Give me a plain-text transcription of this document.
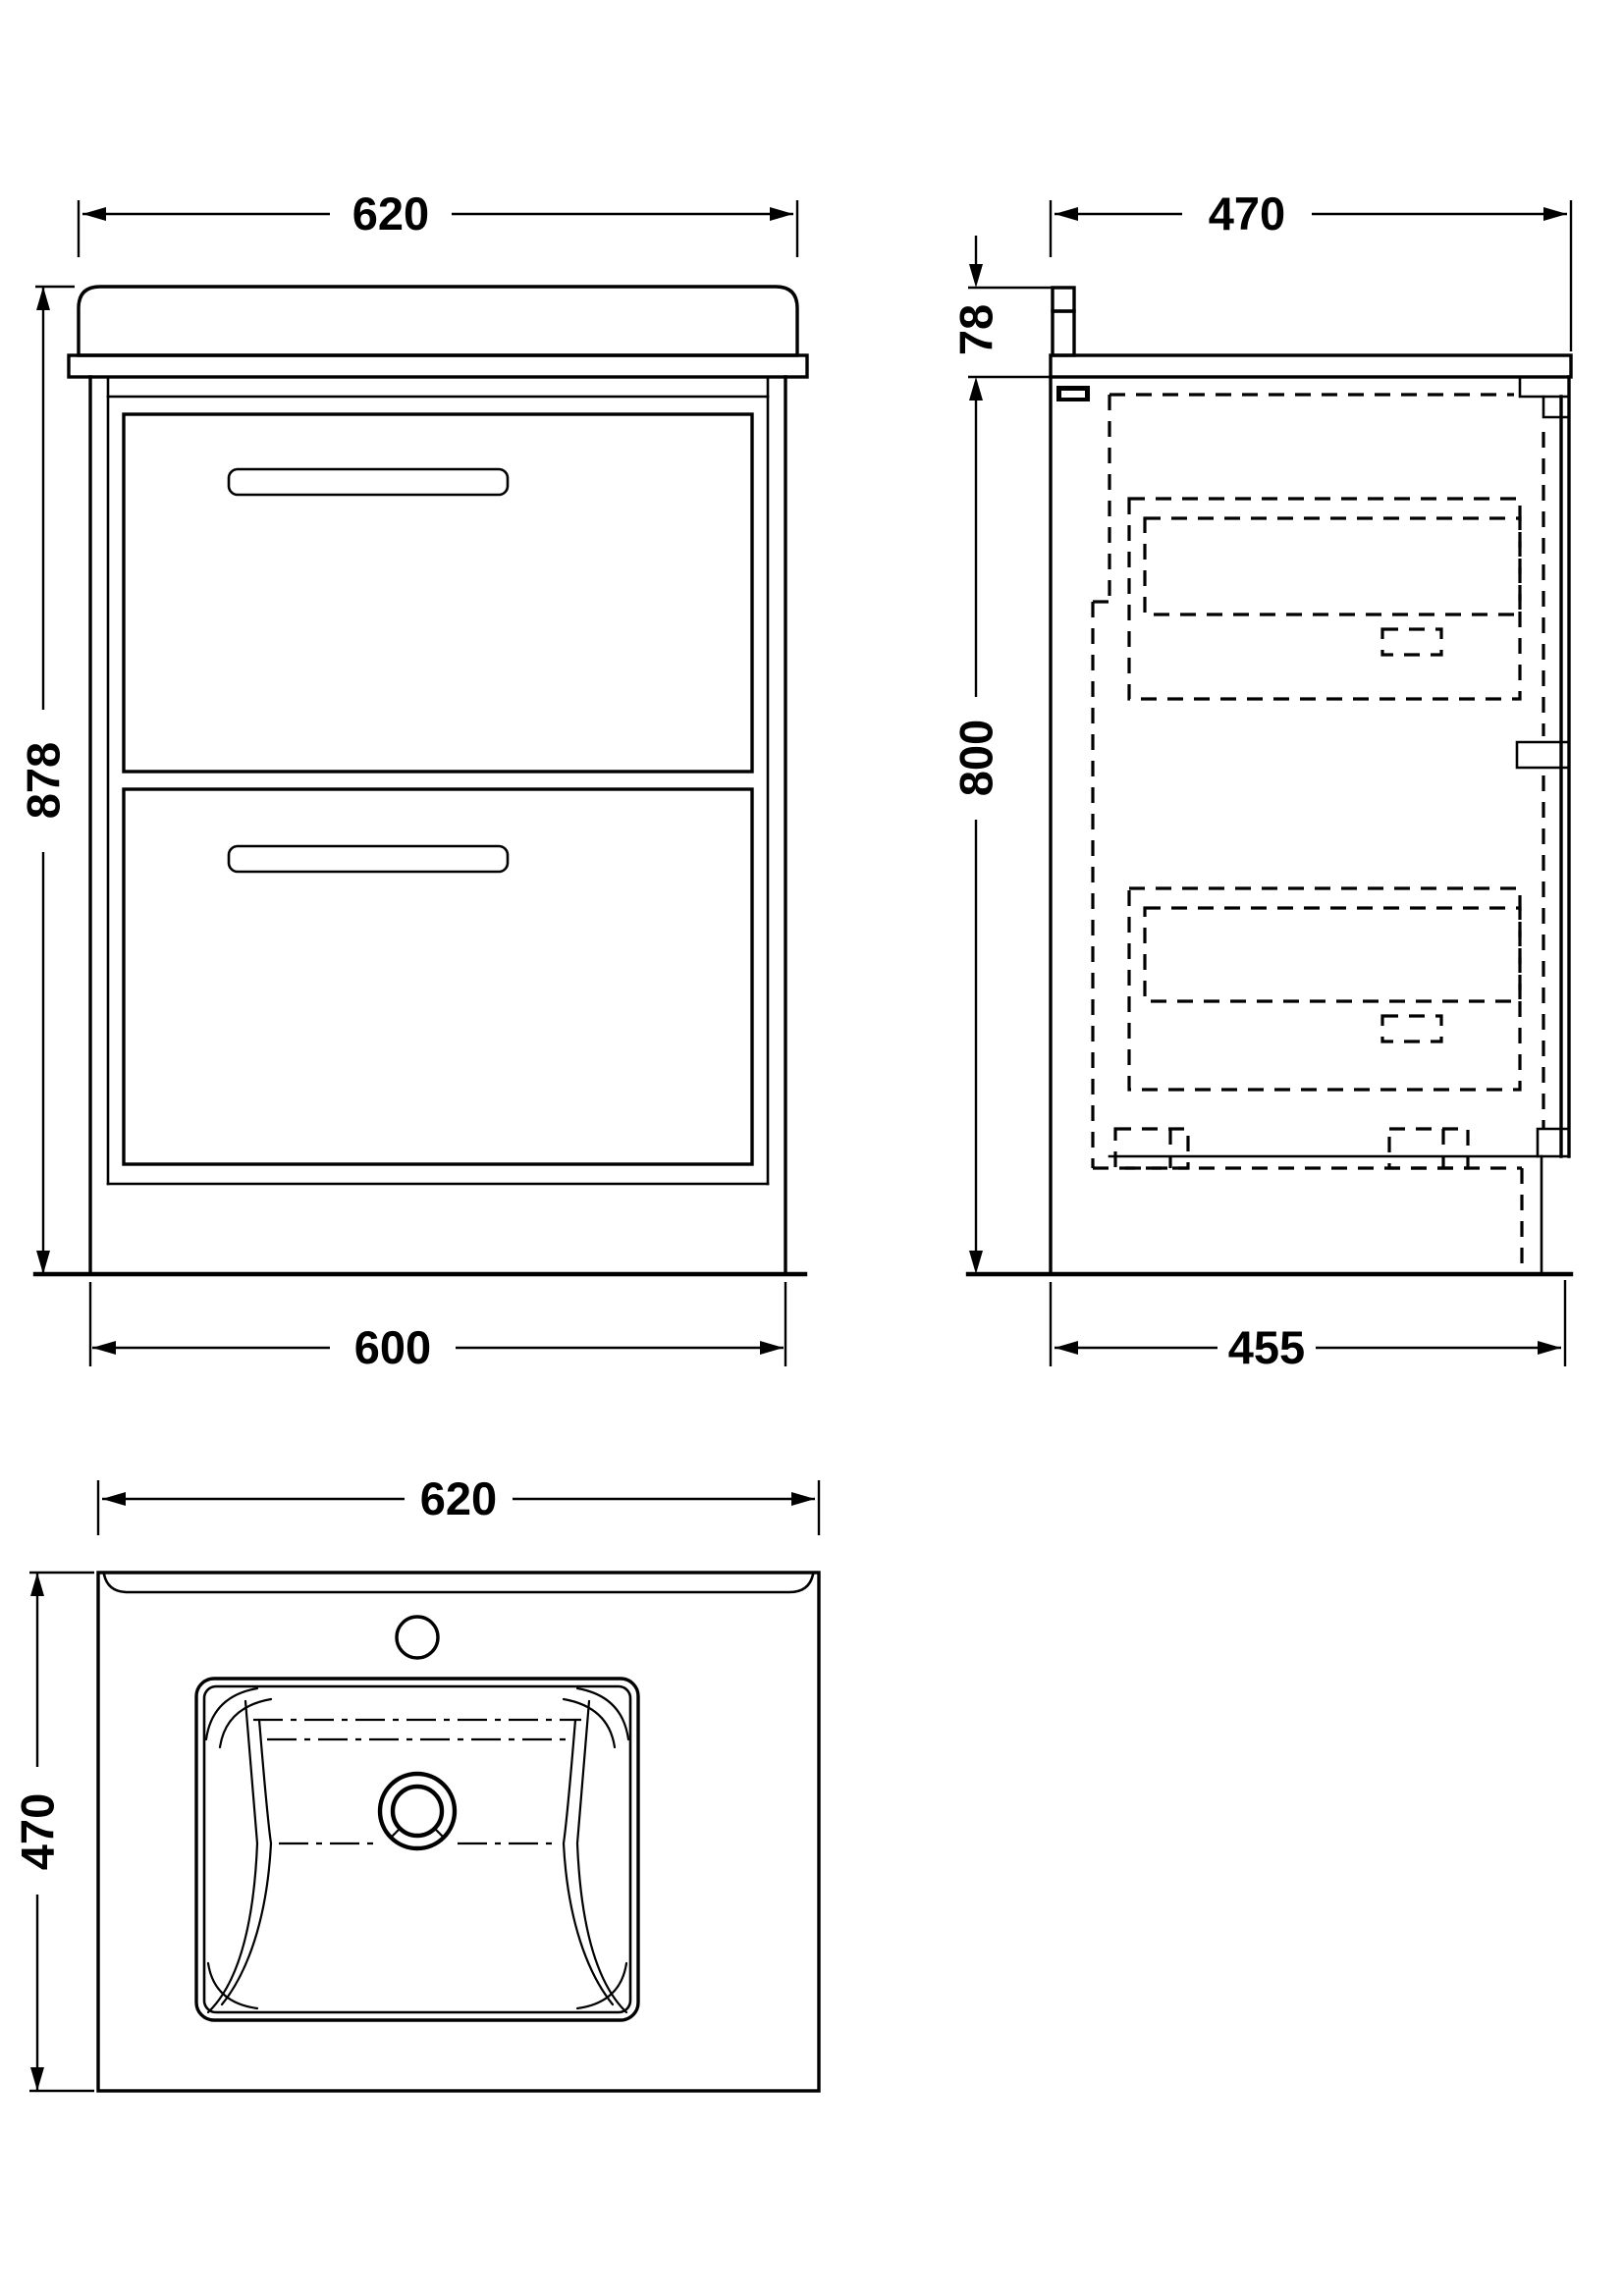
620
878
600
470
78
800
455
620
470
